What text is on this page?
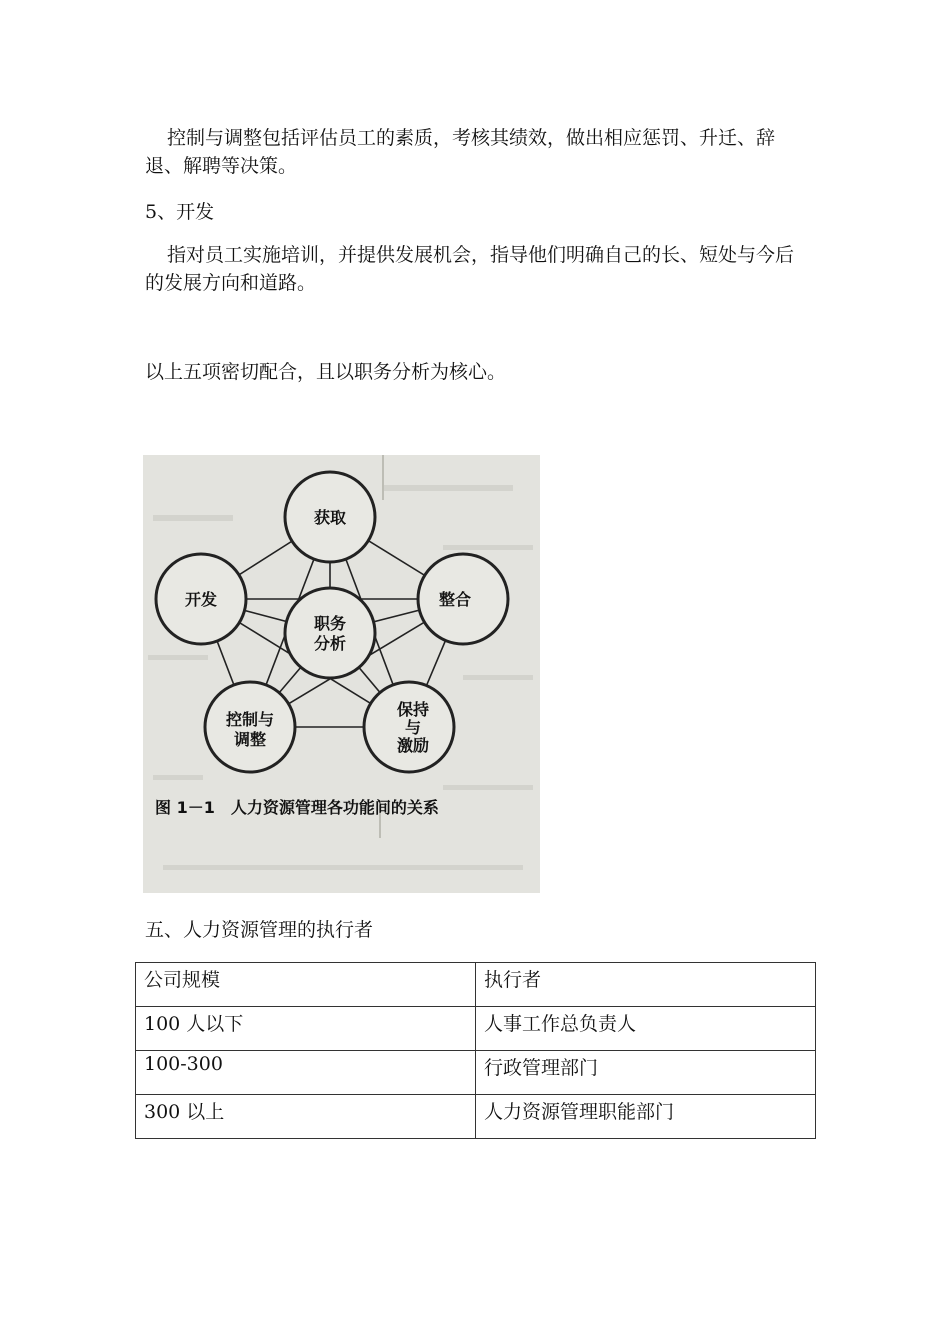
控制与调整包括评估员工的素质，考核其绩效，做出相应惩罚、升迁、辞退、解聘等决策。

5、开发

指对员工实施培训，并提供发展机会，指导他们明确自己的长、短处与今后的发展方向和道路。

以上五项密切配合，且以职务分析为核心。

获取
整合
开发
职务
分析
控制与
调整
保持
与
激励
图 1－1　人力资源管理各功能间的关系

五、人力资源管理的执行者

公司规模	执行者
100 人以下	人事工作总负责人
100-300	行政管理部门
300 以上	人力资源管理职能部门
